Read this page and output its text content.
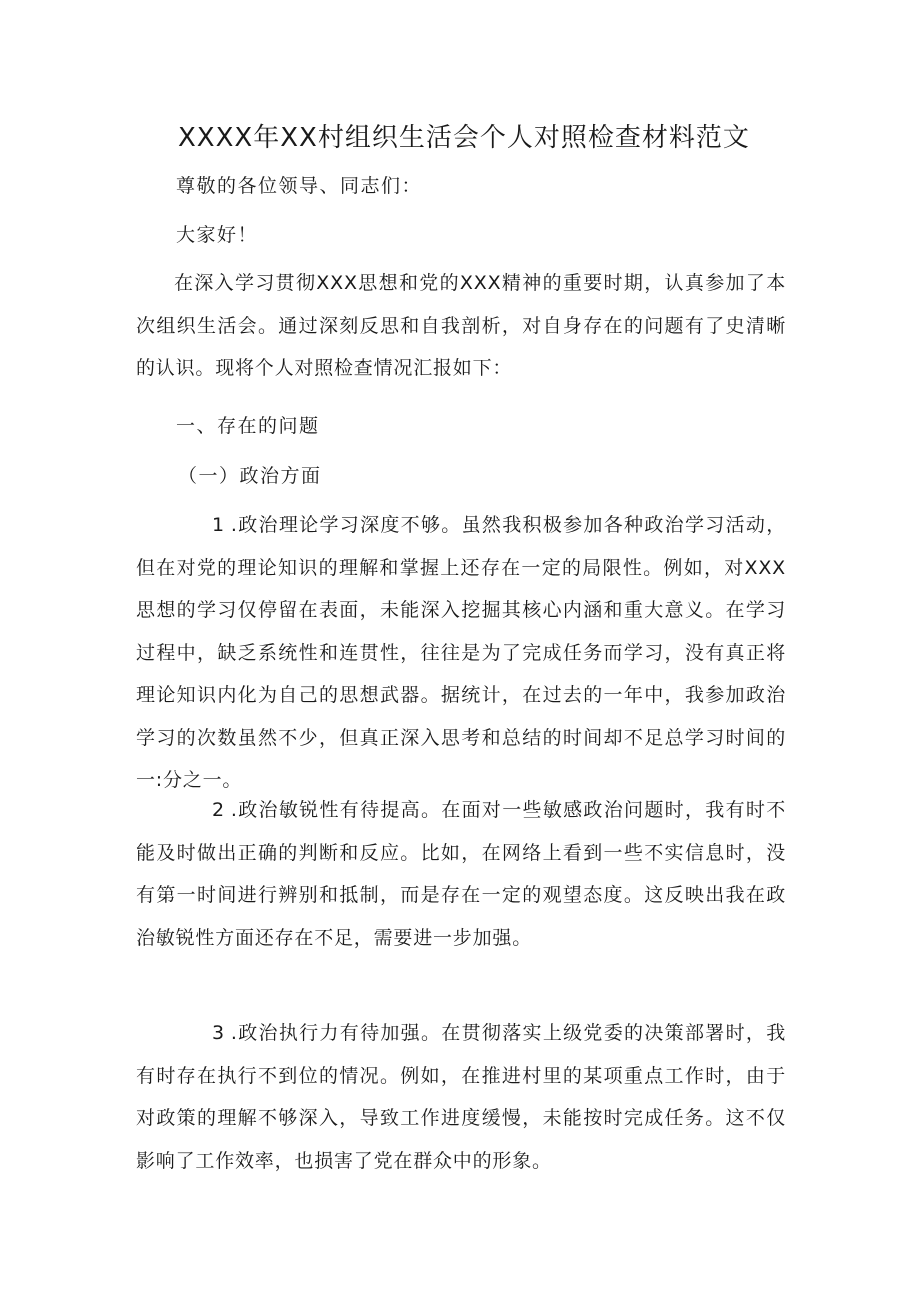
XXXX年XX村组织生活会个人对照检查材料范文
尊敬的各位领导、同志们：
大家好！

在深入学习贯彻XXX思想和党的XXX精神的重要时期，认真参加了本次组织生活会。通过深刻反思和自我剖析，对自身存在的问题有了史清晰的认识。现将个人对照检查情况汇报如下：

一、存在的问题
（一）政治方面

1 .政治理论学习深度不够。虽然我积极参加各种政治学习活动，但在对党的理论知识的理解和掌握上还存在一定的局限性。例如，对XXX思想的学习仅停留在表面，未能深入挖掘其核心内涵和重大意义。在学习过程中，缺乏系统性和连贯性，往往是为了完成任务而学习，没有真正将理论知识内化为自己的思想武器。据统计，在过去的一年中，我参加政治学习的次数虽然不少，但真正深入思考和总结的时间却不足总学习时间的一:分之一。

2 .政治敏锐性有待提高。在面对一些敏感政治问题时，我有时不能及时做出正确的判断和反应。比如，在网络上看到一些不实信息时，没有第一时间进行辨别和抵制，而是存在一定的观望态度。这反映出我在政治敏锐性方面还存在不足，需要进一步加强。

3 .政治执行力有待加强。在贯彻落实上级党委的决策部署时，我有时存在执行不到位的情况。例如，在推进村里的某项重点工作时，由于对政策的理解不够深入，导致工作进度缓慢，未能按时完成任务。这不仅影响了工作效率，也损害了党在群众中的形象。
